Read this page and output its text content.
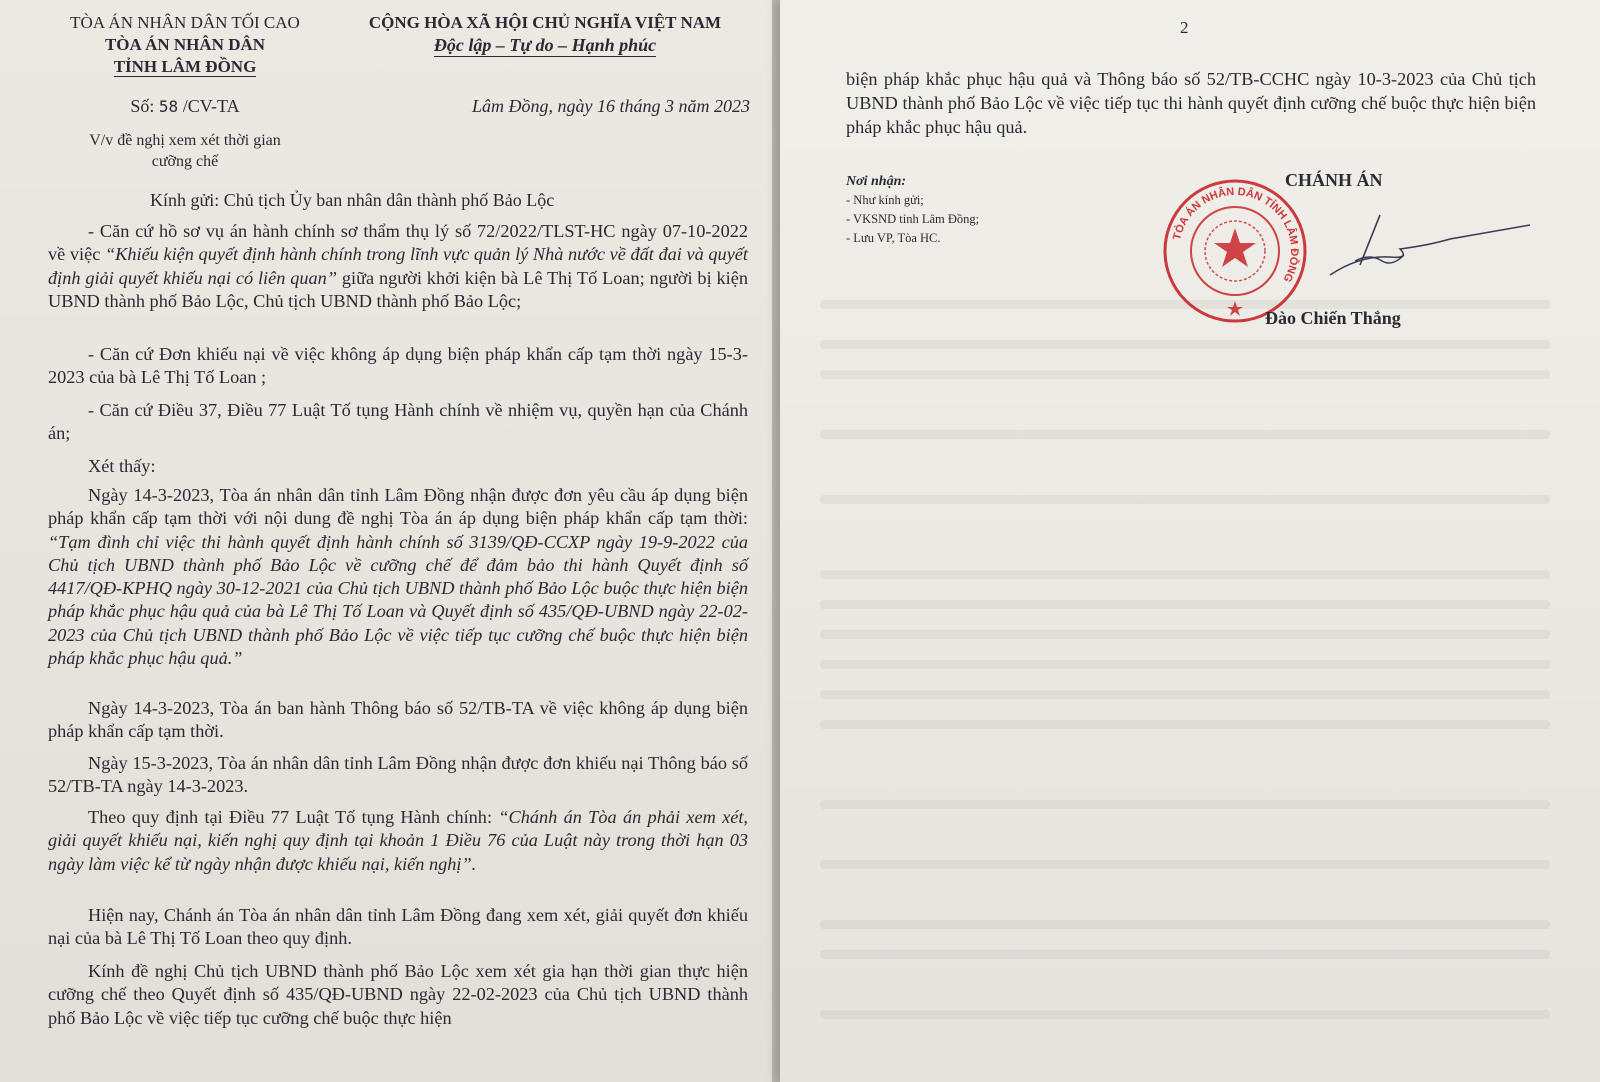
TÒA ÁN NHÂN DÂN TỐI CAO
TÒA ÁN NHÂN DÂN
TỈNH LÂM ĐỒNG
CỘNG HÒA XÃ HỘI CHỦ NGHĨA VIỆT NAM
Độc lập – Tự do – Hạnh phúc
Số: 58 /CV-TA	Lâm Đồng, ngày 16 tháng 3 năm 2023
V/v đề nghị xem xét thời gian
cưỡng chế
Kính gửi: Chủ tịch Ủy ban nhân dân thành phố Bảo Lộc

- Căn cứ hồ sơ vụ án hành chính sơ thẩm thụ lý số 72/2022/TLST-HC ngày 07-10-2022 về việc “Khiếu kiện quyết định hành chính trong lĩnh vực quản lý Nhà nước về đất đai và quyết định giải quyết khiếu nại có liên quan” giữa người khởi kiện bà Lê Thị Tố Loan; người bị kiện UBND thành phố Bảo Lộc, Chủ tịch UBND thành phố Bảo Lộc;

- Căn cứ Đơn khiếu nại về việc không áp dụng biện pháp khẩn cấp tạm thời ngày 15-3-2023 của bà Lê Thị Tố Loan ;

- Căn cứ Điều 37, Điều 77 Luật Tố tụng Hành chính về nhiệm vụ, quyền hạn của Chánh án;

Xét thấy:

Ngày 14-3-2023, Tòa án nhân dân tỉnh Lâm Đồng nhận được đơn yêu cầu áp dụng biện pháp khẩn cấp tạm thời với nội dung đề nghị Tòa án áp dụng biện pháp khẩn cấp tạm thời: “Tạm đình chỉ việc thi hành quyết định hành chính số 3139/QĐ-CCXP ngày 19-9-2022 của Chủ tịch UBND thành phố Bảo Lộc về cưỡng chế để đảm bảo thi hành Quyết định số 4417/QĐ-KPHQ ngày 30-12-2021 của Chủ tịch UBND thành phố Bảo Lộc buộc thực hiện biện pháp khắc phục hậu quả của bà Lê Thị Tố Loan và Quyết định số 435/QĐ-UBND ngày 22-02-2023 của Chủ tịch UBND thành phố Bảo Lộc về việc tiếp tục cưỡng chế buộc thực hiện biện pháp khắc phục hậu quả.”

Ngày 14-3-2023, Tòa án ban hành Thông báo số 52/TB-TA về việc không áp dụng biện pháp khẩn cấp tạm thời.

Ngày 15-3-2023, Tòa án nhân dân tỉnh Lâm Đồng nhận được đơn khiếu nại Thông báo số 52/TB-TA ngày 14-3-2023.

Theo quy định tại Điều 77 Luật Tố tụng Hành chính: “Chánh án Tòa án phải xem xét, giải quyết khiếu nại, kiến nghị quy định tại khoản 1 Điều 76 của Luật này trong thời hạn 03 ngày làm việc kể từ ngày nhận được khiếu nại, kiến nghị”.

Hiện nay, Chánh án Tòa án nhân dân tỉnh Lâm Đồng đang xem xét, giải quyết đơn khiếu nại của bà Lê Thị Tố Loan theo quy định.

Kính đề nghị Chủ tịch UBND thành phố Bảo Lộc xem xét gia hạn thời gian thực hiện cưỡng chế theo Quyết định số 435/QĐ-UBND ngày 22-02-2023 của Chủ tịch UBND thành phố Bảo Lộc về việc tiếp tục cưỡng chế buộc thực hiện

2

biện pháp khắc phục hậu quả và Thông báo số 52/TB-CCHC ngày 10-3-2023 của Chủ tịch UBND thành phố Bảo Lộc về việc tiếp tục thi hành quyết định cưỡng chế buộc thực hiện biện pháp khắc phục hậu quả.

Nơi nhận:
- Như kính gửi;
- VKSND tỉnh Lâm Đồng;
- Lưu VP, Tòa HC.
CHÁNH ÁN
TÒA ÁN NHÂN DÂN TỈNH LÂM ĐỒNG
Đào Chiến Thắng
